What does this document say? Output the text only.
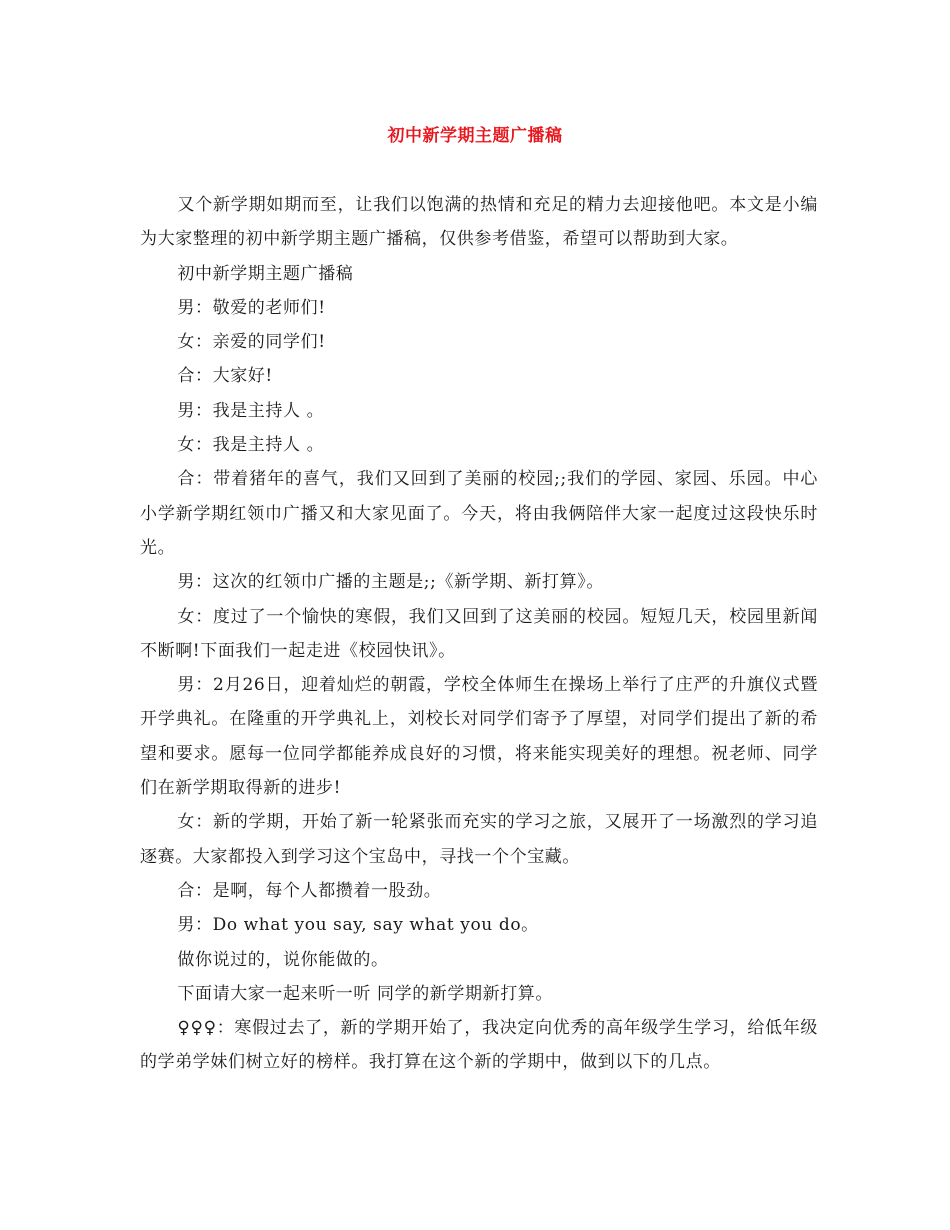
初中新学期主题广播稿

又个新学期如期而至，让我们以饱满的热情和充足的精力去迎接他吧。本文是小编为大家整理的初中新学期主题广播稿，仅供参考借鉴，希望可以帮助到大家。

初中新学期主题广播稿

男：敬爱的老师们!

女：亲爱的同学们!

合：大家好!

男：我是主持人 。

女：我是主持人 。

合：带着猪年的喜气，我们又回到了美丽的校园;;我们的学园、家园、乐园。中心小学新学期红领巾广播又和大家见面了。今天，将由我俩陪伴大家一起度过这段快乐时光。

男：这次的红领巾广播的主题是;;《新学期、新打算》。

女：度过了一个愉快的寒假，我们又回到了这美丽的校园。短短几天，校园里新闻不断啊!下面我们一起走进《校园快讯》。

男：2月26日，迎着灿烂的朝霞，学校全体师生在操场上举行了庄严的升旗仪式暨开学典礼。在隆重的开学典礼上，刘校长对同学们寄予了厚望，对同学们提出了新的希望和要求。愿每一位同学都能养成良好的习惯，将来能实现美好的理想。祝老师、同学们在新学期取得新的进步!

女：新的学期，开始了新一轮紧张而充实的学习之旅，又展开了一场激烈的学习追逐赛。大家都投入到学习这个宝岛中，寻找一个个宝藏。

合：是啊，每个人都攒着一股劲。

男：Do what you say, say what you do。

做你说过的，说你能做的。

下面请大家一起来听一听 同学的新学期新打算。

♀♀♀：寒假过去了，新的学期开始了，我决定向优秀的高年级学生学习，给低年级的学弟学妹们树立好的榜样。我打算在这个新的学期中，做到以下的几点。
